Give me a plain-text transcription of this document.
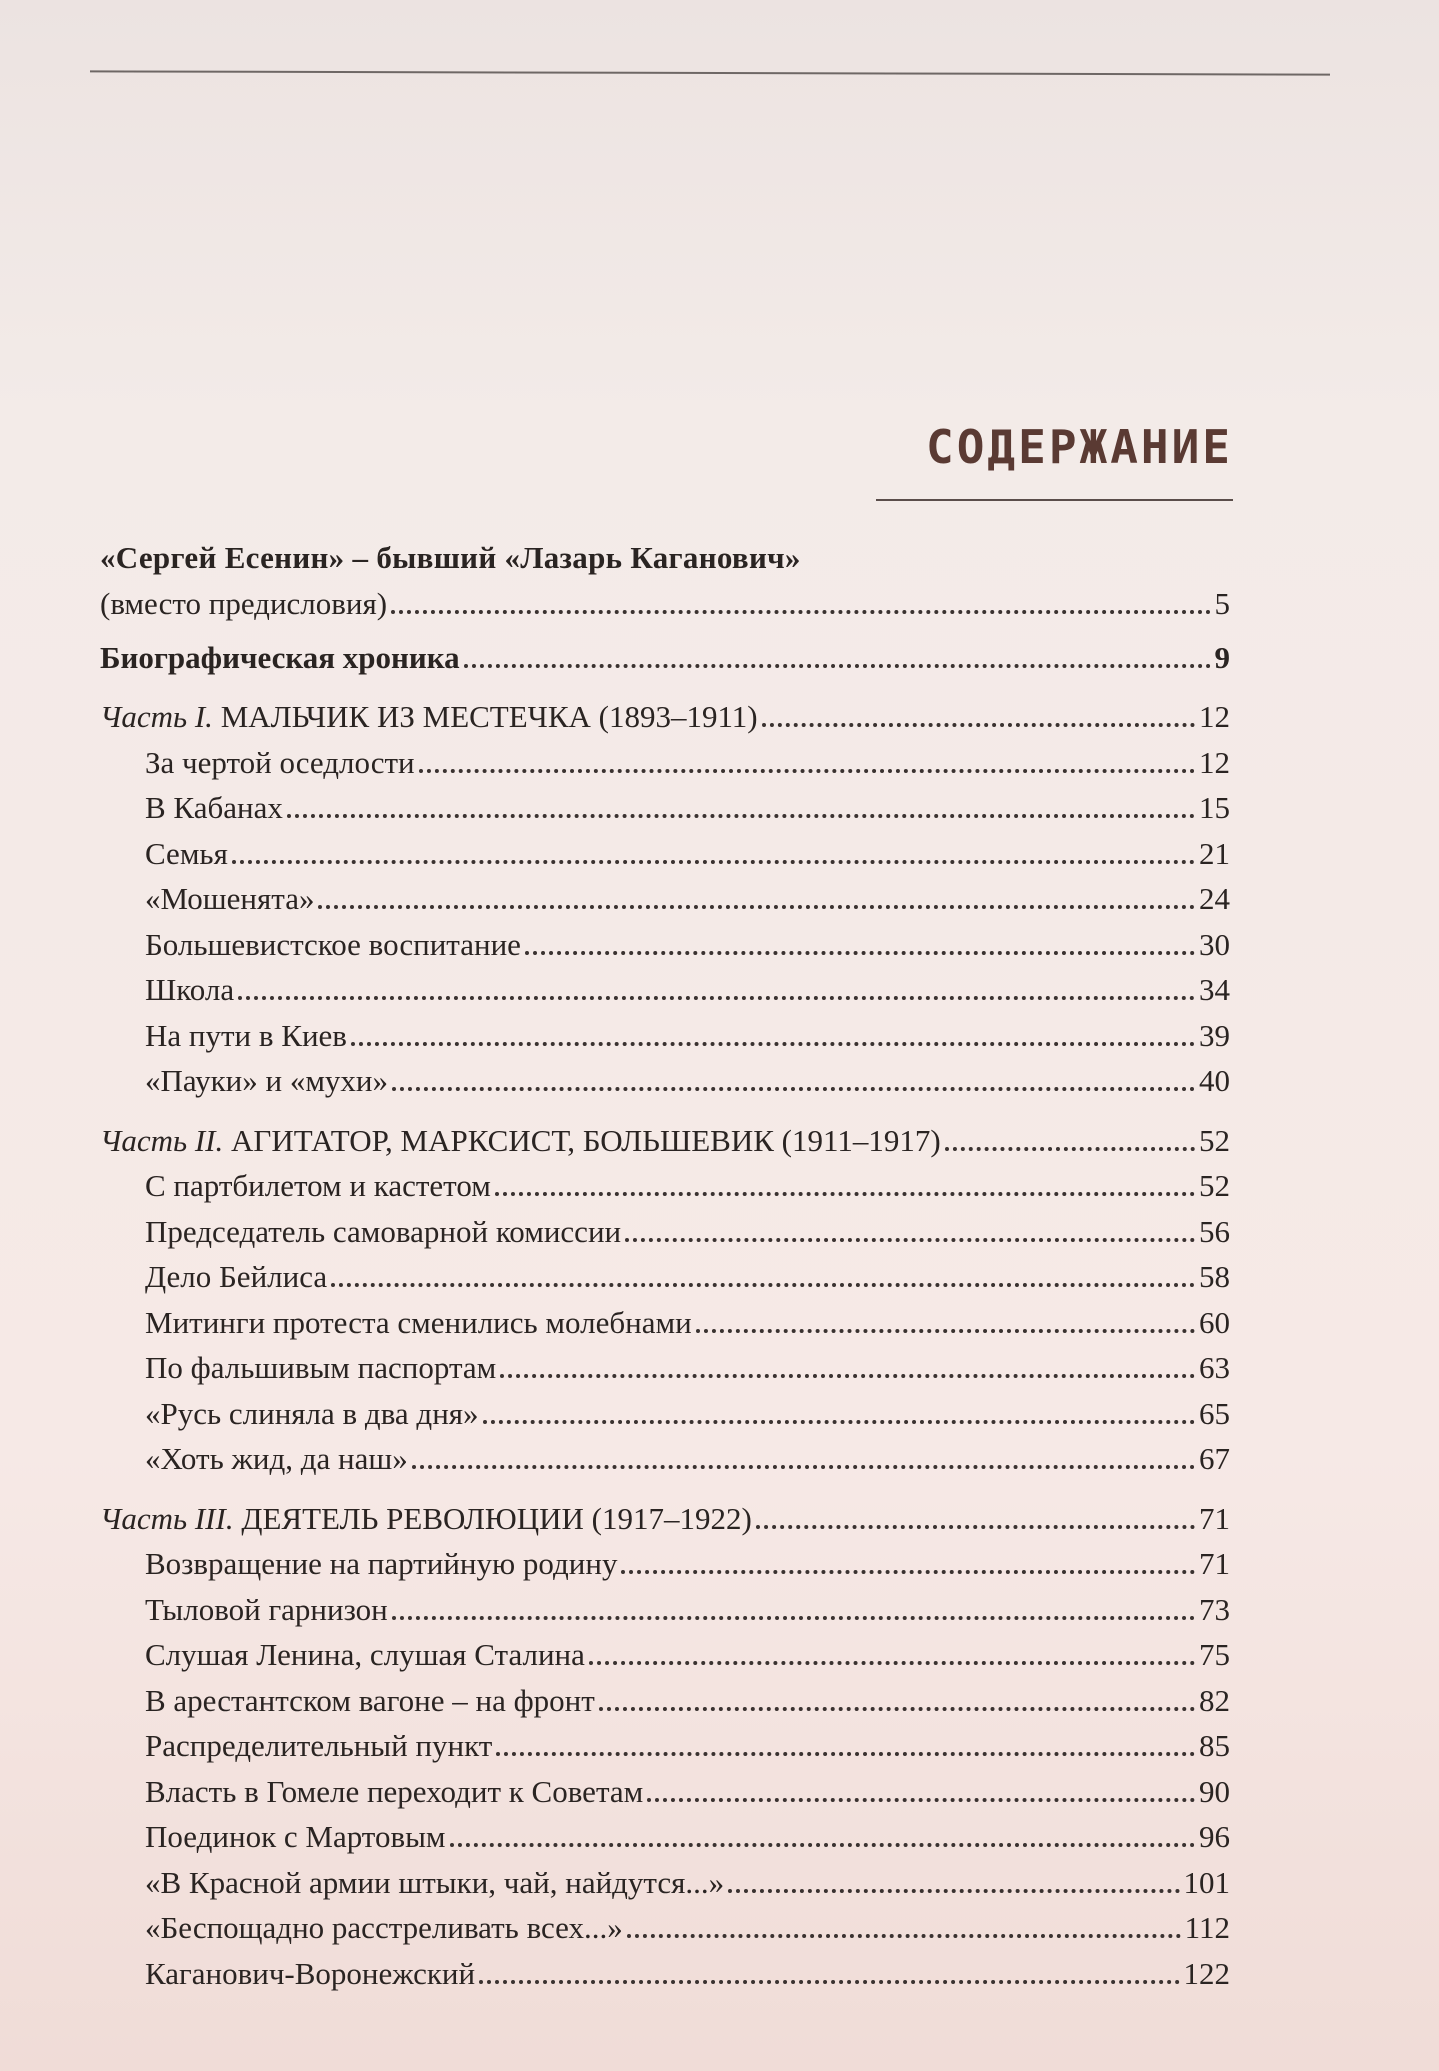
СОДЕРЖАНИЕ
«Сергей Есенин» – бывший «Лазарь Каганович»
(вместо предисловия)	5
Биографическая хроника	9
Часть I. МАЛЬЧИК ИЗ МЕСТЕЧКА (1893–1911)	12
За чертой оседлости	12
В Кабанах	15
Семья	21
«Мошенята»	24
Большевистское воспитание	30
Школа	34
На пути в Киев	39
«Пауки» и «мухи»	40
Часть II. АГИТАТОР, МАРКСИСТ, БОЛЬШЕВИК (1911–1917)	52
С партбилетом и кастетом	52
Председатель самоварной комиссии	56
Дело Бейлиса	58
Митинги протеста сменились молебнами	60
По фальшивым паспортам	63
«Русь слиняла в два дня»	65
«Хоть жид, да наш»	67
Часть III. ДЕЯТЕЛЬ РЕВОЛЮЦИИ (1917–1922)	71
Возвращение на партийную родину	71
Тыловой гарнизон	73
Слушая Ленина, слушая Сталина	75
В арестантском вагоне – на фронт	82
Распределительный пункт	85
Власть в Гомеле переходит к Советам	90
Поединок с Мартовым	96
«В Красной армии штыки, чай, найдутся...»	101
«Беспощадно расстреливать всех...»	112
Каганович-Воронежский	122
